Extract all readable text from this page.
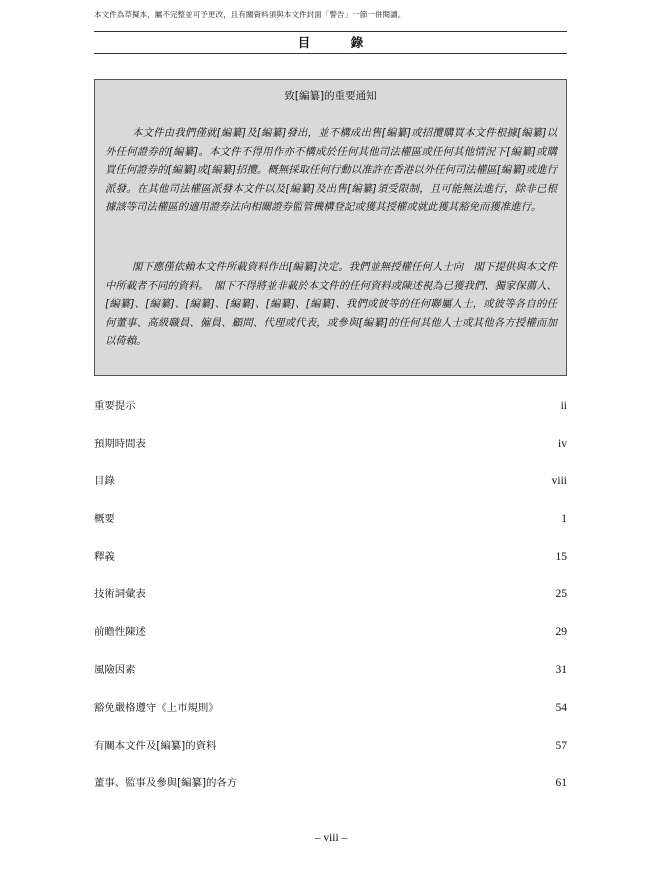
本文件為草擬本，屬不完整並可予更改，且有關資料須與本文件封面「警告」一節一併閱讀。
目　錄
致[編纂]的重要通知

本文件由我們僅就[編纂]及[編纂]發出，並不構成出售[編纂]或招攬購買本文件根據[編纂]以外任何證券的[編纂]。本文件不得用作亦不構成於任何其他司法權區或任何其他情況下[編纂]或購買任何證券的[編纂]或[編纂]招攬。概無採取任何行動以准許在香港以外任何司法權區[編纂]或進行派發。在其他司法權區派發本文件以及[編纂]及出售[編纂]須受限制，且可能無法進行，除非已根據該等司法權區的適用證券法向相關證券監管機構登記或獲其授權或就此獲其豁免而獲准進行。

閣下應僅依賴本文件所載資料作出[編纂]決定。我們並無授權任何人士向　閣下提供與本文件中所載者不同的資料。　閣下不得將並非載於本文件的任何資料或陳述視為已獲我們、獨家保薦人、[編纂]、[編纂]、[編纂]、[編纂]、[編纂]、[編纂]、我們或彼等的任何聯屬人士，或彼等各自的任何董事、高級職員、僱員、顧問、代理或代表，或參與[編纂]的任何其他人士或其他各方授權而加以倚賴。

重要提示	ii
預期時間表	iv
目錄	viii
概要	1
釋義	15
技術詞彙表	25
前瞻性陳述	29
風險因素	31
豁免嚴格遵守《上市規則》	54
有關本文件及[編纂]的資料	57
董事、監事及參與[編纂]的各方	61
– viii –
